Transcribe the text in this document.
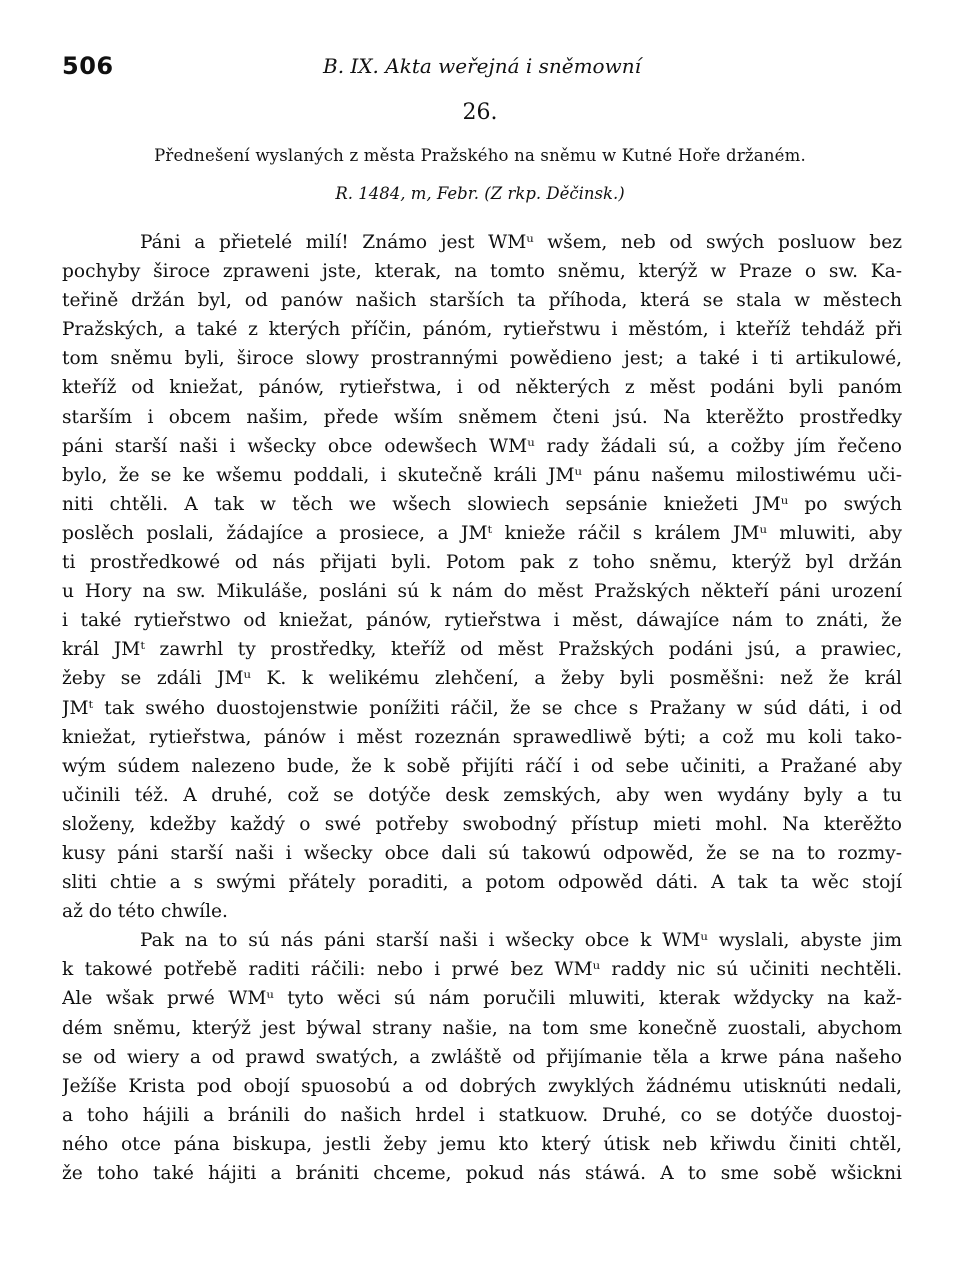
506	B. IX. Akta weřejná i sněmowní
26.
Přednešení wyslaných z města Pražského na sněmu w Kutné Hoře držaném.
R. 1484, m, Febr. (Z rkp. Děčinsk.)
Páni a přietelé milí! Známo jest WMᵘ wšem, neb od swých posluow bez
pochyby široce zpraweni jste, kterak, na tomto sněmu, kterýž w Praze o sw. Ka-
teřině držán byl, od panów našich starších ta příhoda, která se stala w městech
Pražských, a také z kterých příčin, pánóm, rytieřstwu i městóm, i kteříž tehdáž při
tom sněmu byli, široce slowy prostrannými powědieno jest; a také i ti artikulowé,
kteříž od kniežat, pánów, rytieřstwa, i od některých z měst podáni byli panóm
starším i obcem našim, přede wším sněmem čteni jsú. Na kterěžto prostředky
páni starší naši i wšecky obce odewšech WMᵘ rady žádali sú, a cožby jím řečeno
bylo, že se ke wšemu poddali, i skutečně králi JMᵘ pánu našemu milostiwému uči-
niti chtěli. A tak w těch we wšech slowiech sepsánie kniežeti JMᵘ po swých
poslěch poslali, žádajíce a prosiece, a JMᵗ knieže ráčil s králem JMᵘ mluwiti, aby
ti prostředkowé od nás přijati byli. Potom pak z toho sněmu, kterýž byl držán
u Hory na sw. Mikuláše, posláni sú k nám do měst Pražských někteří páni urození
i také rytieřstwo od kniežat, pánów, rytieřstwa i měst, dáwajíce nám to znáti, že
král JMᵗ zawrhl ty prostředky, kteříž od měst Pražských podáni jsú, a prawiec,
žeby se zdáli JMᵘ K. k welikému zlehčení, a žeby byli posměšni: než že král
JMᵗ tak swého duostojenstwie ponížiti ráčil, že se chce s Pražany w súd dáti, i od
kniežat, rytieřstwa, pánów i měst rozeznán sprawedliwě býti; a což mu koli tako-
wým súdem nalezeno bude, že k sobě přijíti ráčí i od sebe učiniti, a Pražané aby
učinili též. A druhé, což se dotýče desk zemských, aby wen wydány byly a tu
složeny, kdežby každý o swé potřeby swobodný přístup mieti mohl. Na kterěžto
kusy páni starší naši i wšecky obce dali sú takowú odpowěd, že se na to rozmy-
sliti chtie a s swými přátely poraditi, a potom odpowěd dáti. A tak ta wěc stojí
až do této chwíle.
Pak na to sú nás páni starší naši i wšecky obce k WMᵘ wyslali, abyste jim
k takowé potřebě raditi ráčili: nebo i prwé bez WMᵘ raddy nic sú učiniti nechtěli.
Ale wšak prwé WMᵘ tyto wěci sú nám poručili mluwiti, kterak wždycky na kaž-
dém sněmu, kterýž jest býwal strany našie, na tom sme konečně zuostali, abychom
se od wiery a od prawd swatých, a zwláště od přijímanie těla a krwe pána našeho
Ježíše Krista pod obojí spuosobú a od dobrých zwyklých žádnému utisknúti nedali,
a toho hájili a bránili do našich hrdel i statkuow. Druhé, co se dotýče duostoj-
ného otce pána biskupa, jestli žeby jemu kto který útisk neb křiwdu činiti chtěl,
že toho také hájiti a brániti chceme, pokud nás stáwá. A to sme sobě wšickni
